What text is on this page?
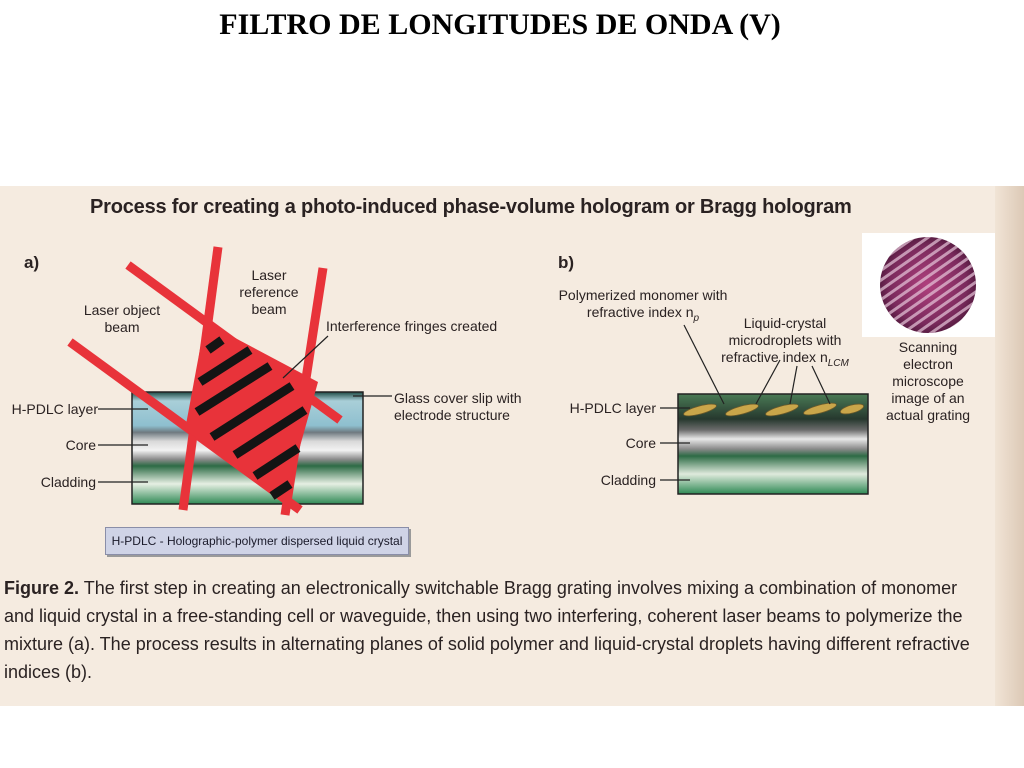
FILTRO DE LONGITUDES DE ONDA (V)
Process for creating a photo-induced phase-volume hologram or Bragg hologram
a)	b)
Laser object beam
Laser reference beam
Interference fringes created
Glass cover slip with electrode structure
H-PDLC layer
Core
Cladding
H-PDLC - Holographic-polymer dispersed liquid crystal
Polymerized monomer with refractive index $n_p$	Liquid-crystal microdroplets with refractive index $n_{LCM}$
H-PDLC layer
Core
Cladding
Scanning electron microscope image of an actual grating
Figure 2. The first step in creating an electronically switchable Bragg grating involves mixing a combination of monomer and liquid crystal in a free-standing cell or waveguide, then using two interfering, coherent laser beams to polymerize the mixture (a). The process results in alternating planes of solid polymer and liquid-crystal droplets having different refractive indices (b).
